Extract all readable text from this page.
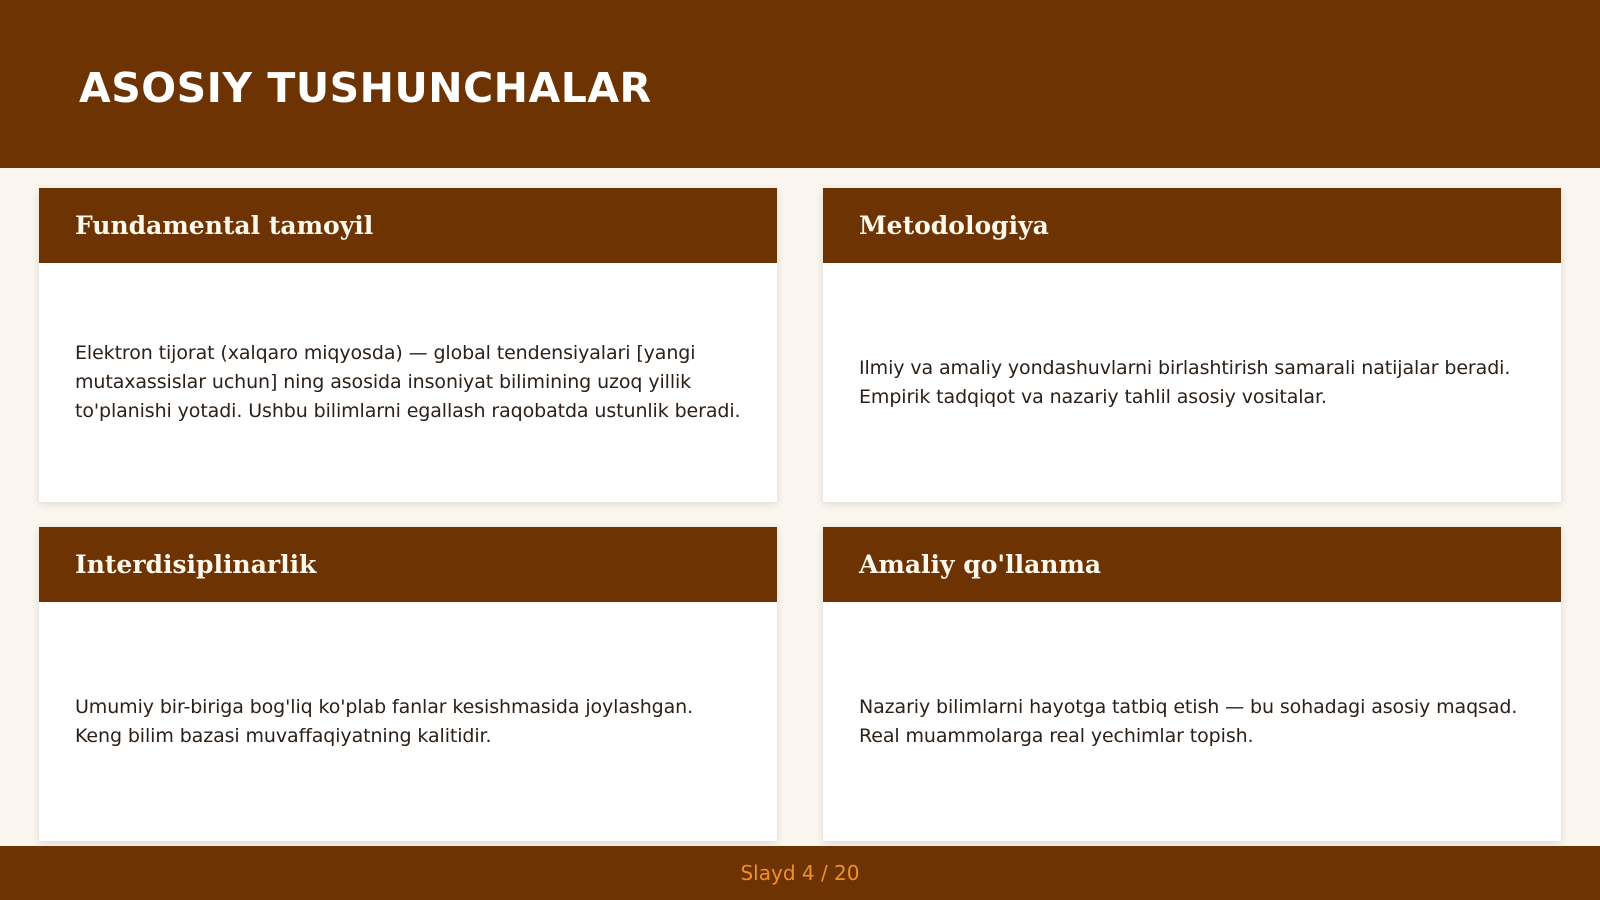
ASOSIY TUSHUNCHALAR
Fundamental tamoyil

Elektron tijorat (xalqaro miqyosda) — global tendensiyalari [yangi mutaxassislar uchun] ning asosida insoniyat bilimining uzoq yillik to'planishi yotadi. Ushbu bilimlarni egallash raqobatda ustunlik beradi.

Metodologiya

Ilmiy va amaliy yondashuvlarni birlashtirish samarali natijalar beradi. Empirik tadqiqot va nazariy tahlil asosiy vositalar.

Interdisiplinarlik

Umumiy bir-biriga bog'liq ko'plab fanlar kesishmasida joylashgan. Keng bilim bazasi muvaffaqiyatning kalitidir.

Amaliy qo'llanma

Nazariy bilimlarni hayotga tatbiq etish — bu sohadagi asosiy maqsad. Real muammolarga real yechimlar topish.

Slayd 4 / 20
